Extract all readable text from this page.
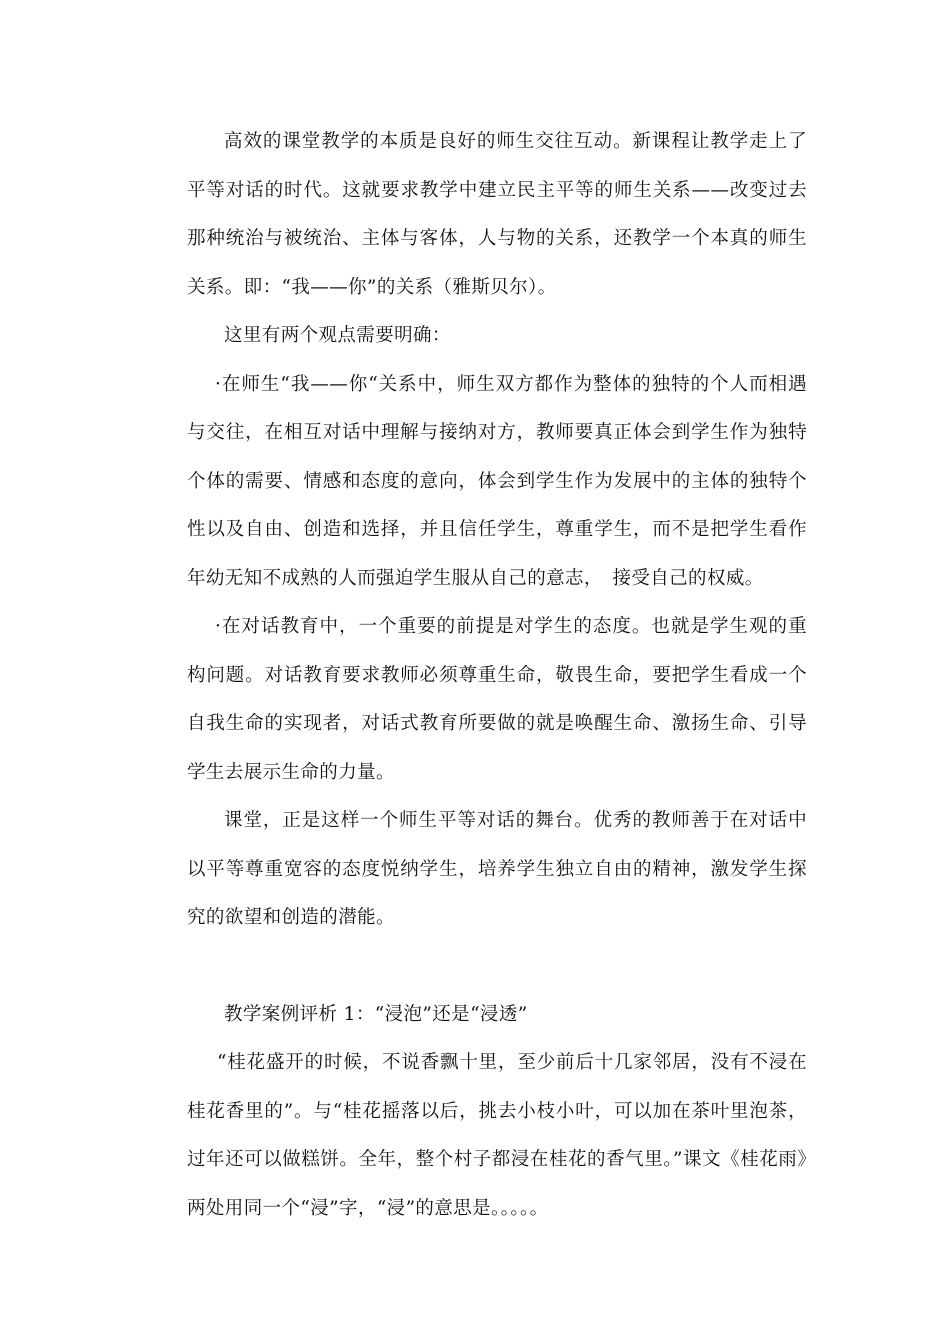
高效的课堂教学的本质是良好的师生交往互动。新课程让教学走上了平等对话的时代。这就要求教学中建立民主平等的师生关系——改变过去那种统治与被统治、主体与客体，人与物的关系，还教学一个本真的师生关系。即：“我——你”的关系（雅斯贝尔）。

这里有两个观点需要明确：

·在师生“我——你“关系中，师生双方都作为整体的独特的个人而相遇与交往，在相互对话中理解与接纳对方，教师要真正体会到学生作为独特个体的需要、情感和态度的意向，体会到学生作为发展中的主体的独特个性以及自由、创造和选择，并且信任学生，尊重学生，而不是把学生看作年幼无知不成熟的人而强迫学生服从自己的意志，　接受自己的权威。

·在对话教育中，一个重要的前提是对学生的态度。也就是学生观的重构问题。对话教育要求教师必须尊重生命，敬畏生命，要把学生看成一个自我生命的实现者，对话式教育所要做的就是唤醒生命、激扬生命、引导学生去展示生命的力量。

课堂，正是这样一个师生平等对话的舞台。优秀的教师善于在对话中以平等尊重宽容的态度悦纳学生，培养学生独立自由的精神，激发学生探究的欲望和创造的潜能。

教学案例评析 1：“浸泡”还是“浸透”

“桂花盛开的时候，不说香飘十里，至少前后十几家邻居，没有不浸在桂花香里的”。与“桂花摇落以后，挑去小枝小叶，可以加在茶叶里泡茶，过年还可以做糕饼。全年，整个村子都浸在桂花的香气里。”课文《桂花雨》两处用同一个“浸”字，“浸”的意思是。。。。。
